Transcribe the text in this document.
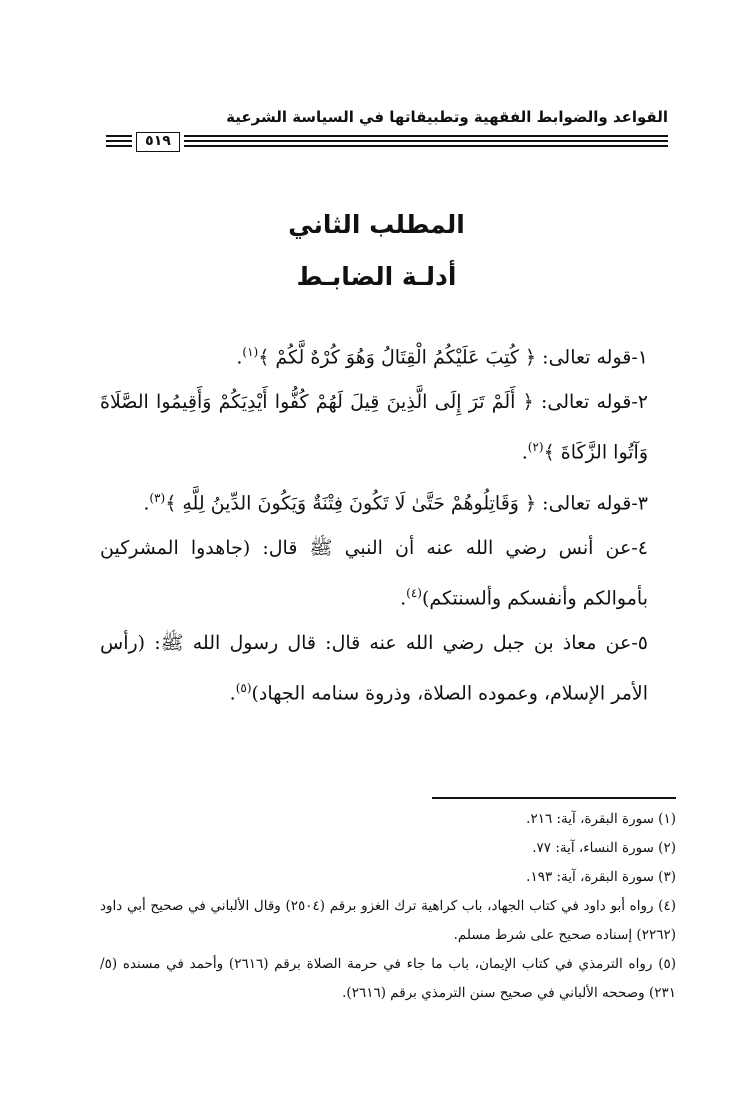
القواعد والضوابط الفقهية وتطبيقاتها في السياسة الشرعية
٥١٩
المطلب الثاني
أدلـة الضابـط

١-قوله تعالى: ﴿ كُتِبَ عَلَيْكُمُ الْقِتَالُ وَهُوَ كُرْهٌ لَّكُمْ ﴾$^{(١)}$.

٢-قوله تعالى: ﴿ أَلَمْ تَرَ إِلَى الَّذِينَ قِيلَ لَهُمْ كُفُّوا أَيْدِيَكُمْ وَأَقِيمُوا الصَّلَاةَ وَآتُوا الزَّكَاةَ ﴾$^{(٢)}$.

٣-قوله تعالى: ﴿ وَقَاتِلُوهُمْ حَتَّىٰ لَا تَكُونَ فِتْنَةٌ وَيَكُونَ الدِّينُ لِلَّهِ ﴾$^{(٣)}$.

٤-عن أنس رضي الله عنه أن النبي ﷺ قال: (جاهدوا المشركين بأموالكم وأنفسكم وألسنتكم)$^{(٤)}$.

٥-عن معاذ بن جبل رضي الله عنه قال: قال رسول الله ﷺ: (رأس الأمر الإسلام، وعموده الصلاة، وذروة سنامه الجهاد)$^{(٥)}$.

(١) سورة البقرة، آية: ٢١٦.

(٢) سورة النساء، آية: ٧٧.

(٣) سورة البقرة، آية: ١٩٣.

(٤) رواه أبو داود في كتاب الجهاد، باب كراهية ترك الغزو برقم (٢٥٠٤) وقال الألباني في صحيح أبي داود (٢٢٦٢) إسناده صحيح على شرط مسلم.

(٥) رواه الترمذي في كتاب الإيمان، باب ما جاء في حرمة الصلاة برقم (٢٦١٦) وأحمد في مسنده (٥/ ٢٣١) وصححه الألباني في صحيح سنن الترمذي برقم (٢٦١٦).
